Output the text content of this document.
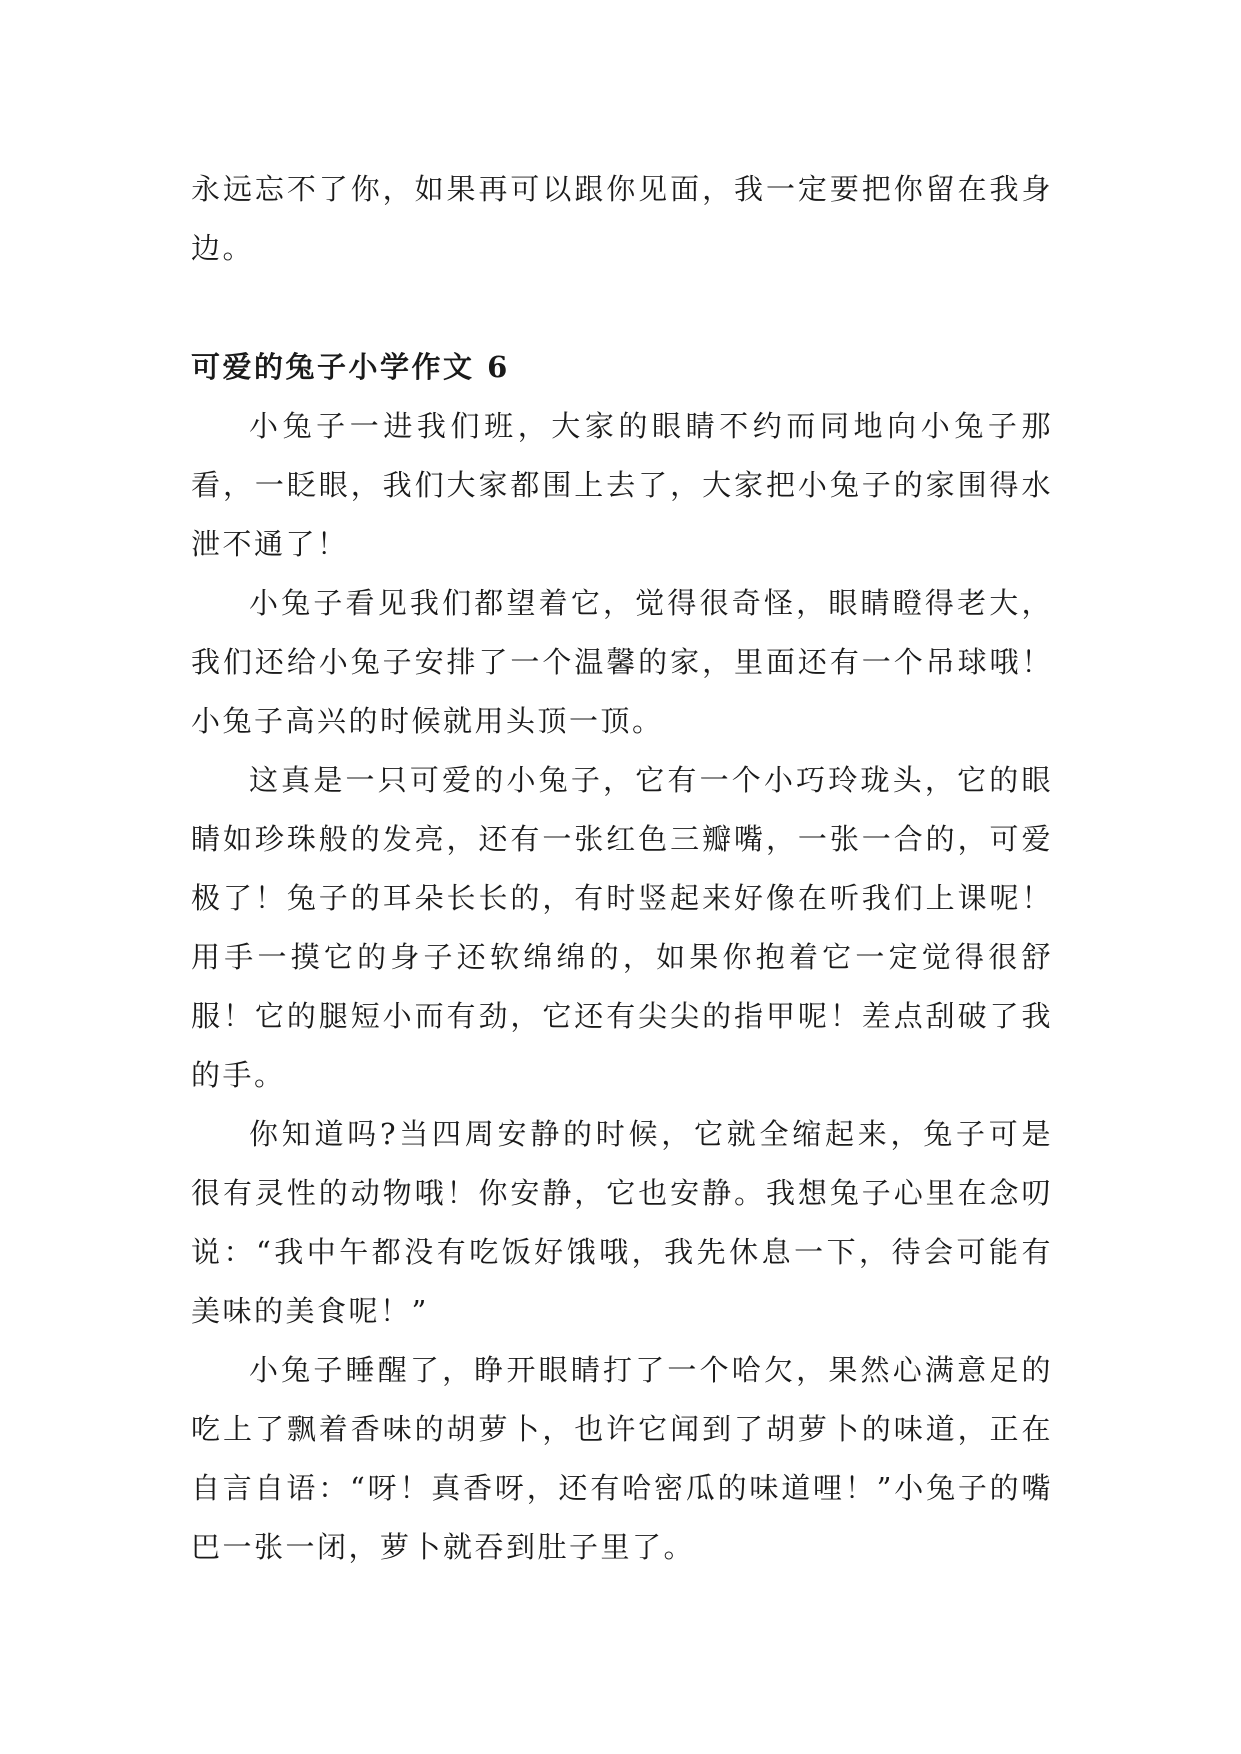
永远忘不了你，如果再可以跟你见面，我一定要把你留在我身边。

可爱的兔子小学作文 6

小兔子一进我们班，大家的眼睛不约而同地向小兔子那看，一眨眼，我们大家都围上去了，大家把小兔子的家围得水泄不通了！

小兔子看见我们都望着它，觉得很奇怪，眼睛瞪得老大，我们还给小兔子安排了一个温馨的家，里面还有一个吊球哦！小兔子高兴的时候就用头顶一顶。

这真是一只可爱的小兔子，它有一个小巧玲珑头，它的眼睛如珍珠般的发亮，还有一张红色三瓣嘴，一张一合的，可爱极了！兔子的耳朵长长的，有时竖起来好像在听我们上课呢！用手一摸它的身子还软绵绵的，如果你抱着它一定觉得很舒服！它的腿短小而有劲，它还有尖尖的指甲呢！差点刮破了我的手。

你知道吗?当四周安静的时候，它就全缩起来，兔子可是很有灵性的动物哦！你安静，它也安静。我想兔子心里在念叨说：“我中午都没有吃饭好饿哦，我先休息一下，待会可能有美味的美食呢！”

小兔子睡醒了，睁开眼睛打了一个哈欠，果然心满意足的吃上了飘着香味的胡萝卜，也许它闻到了胡萝卜的味道，正在自言自语：“呀！真香呀，还有哈密瓜的味道哩！”小兔子的嘴巴一张一闭，萝卜就吞到肚子里了。
